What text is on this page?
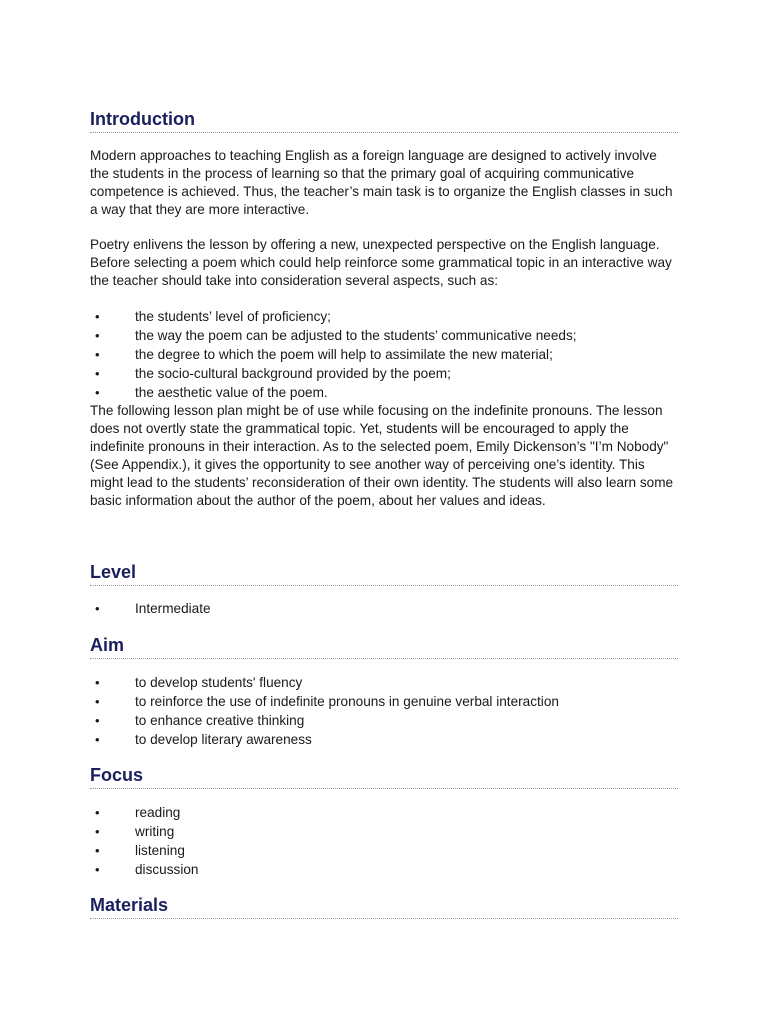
Introduction

Modern approaches to teaching English as a foreign language are designed to actively involve the students in the process of learning so that the primary goal of acquiring communicative competence is achieved. Thus, the teacher’s main task is to organize the English classes in such a way that they are more interactive.

Poetry enlivens the lesson by offering a new, unexpected perspective on the English language. Before selecting a poem which could help reinforce some grammatical topic in an interactive way the teacher should take into consideration several aspects, such as:

•	the students’ level of proficiency;
•	the way the poem can be adjusted to the students’ communicative needs;
•	the degree to which the poem will help to assimilate the new material;
•	the socio-cultural background provided by the poem;
•	the aesthetic value of the poem.

The following lesson plan might be of use while focusing on the indefinite pronouns. The lesson does not overtly state the grammatical topic. Yet, students will be encouraged to apply the indefinite pronouns in their interaction. As to the selected poem, Emily Dickenson’s "I’m Nobody" (See Appendix.), it gives the opportunity to see another way of perceiving one’s identity. This might lead to the students’ reconsideration of their own identity. The students will also learn some basic information about the author of the poem, about her values and ideas.

Level
•	Intermediate
Aim
•	to develop students' fluency
•	to reinforce the use of indefinite pronouns in genuine verbal interaction
•	to enhance creative thinking
•	to develop literary awareness
Focus
•	reading
•	writing
•	listening
•	discussion
Materials
